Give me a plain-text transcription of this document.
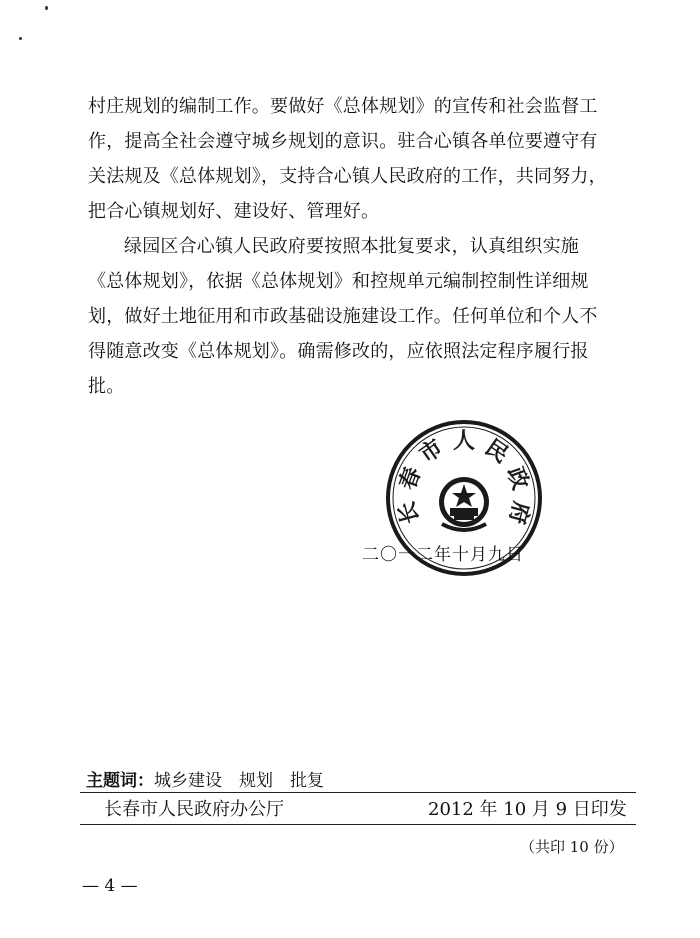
村庄规划的编制工作。要做好《总体规划》的宣传和社会监督工
作，提高全社会遵守城乡规划的意识。驻合心镇各单位要遵守有
关法规及《总体规划》，支持合心镇人民政府的工作，共同努力，
把合心镇规划好、建设好、管理好。
绿园区合心镇人民政府要按照本批复要求，认真组织实施
《总体规划》，依据《总体规划》和控规单元编制控制性详细规
划，做好土地征用和市政基础设施建设工作。任何单位和个人不
得随意改变《总体规划》。确需修改的，应依照法定程序履行报
批。
长
春
市 人 民
政
府
二〇一二年十月九日
主题词：城乡建设　规划　批复
长春市人民政府办公厅	2012 年 10 月 9 日印发
（共印 10 份）
— 4 —
